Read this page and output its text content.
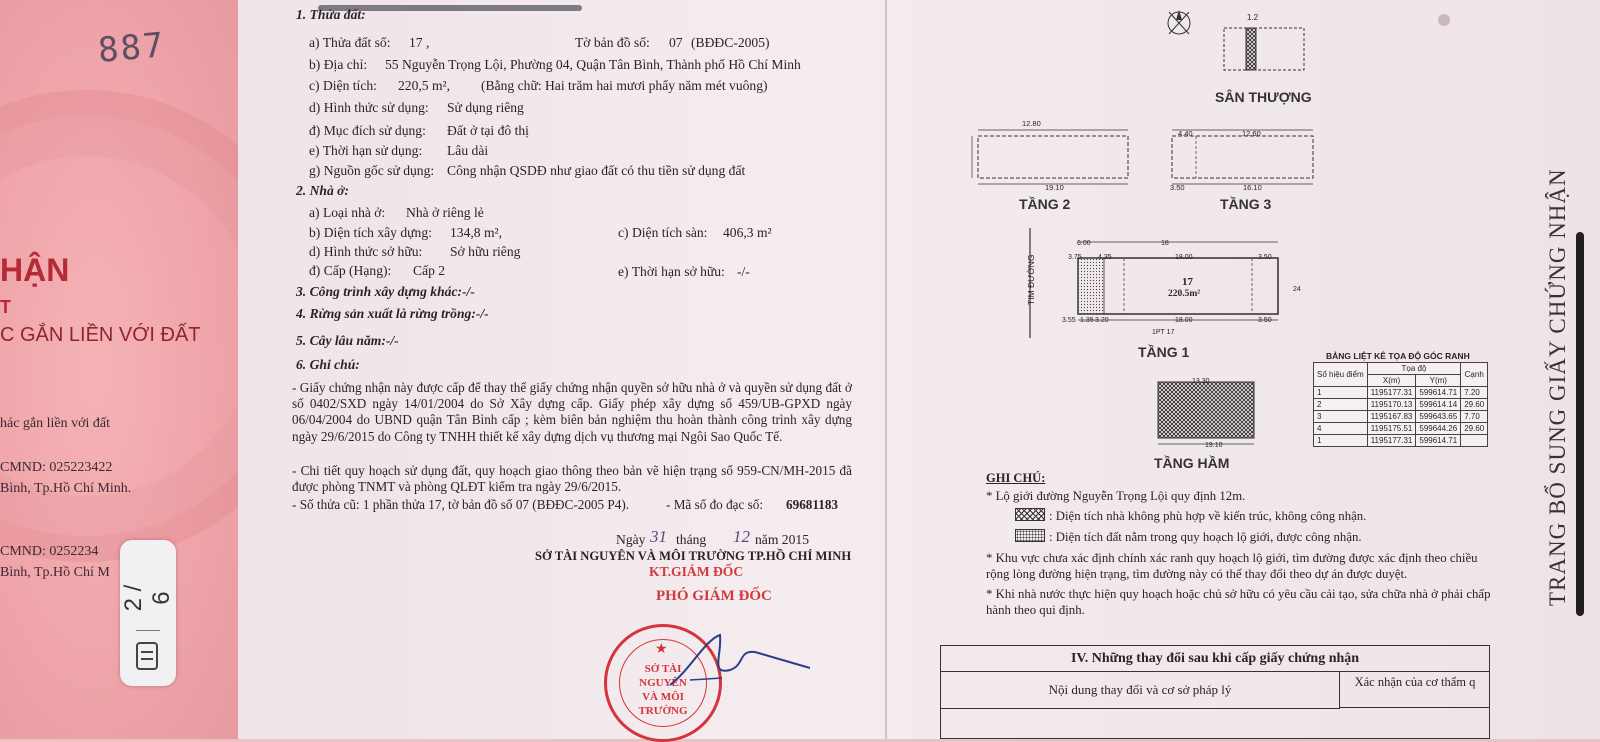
887
HẬN
T
C GẮN LIỀN VỚI ĐẤT
hác gắn liền với đất
CMND: 025223422
Bình, Tp.Hồ Chí Minh.
CMND: 0252234
Bình, Tp.Hồ Chí M
2 / 6
1. Thửa đất:
a) Thửa đất số: 17 ,	Tờ bản đồ số: 07 (BĐĐC-2005)
b) Địa chỉ: 55 Nguyễn Trọng Lội, Phường 04, Quận Tân Bình, Thành phố Hồ Chí Minh
c) Diện tích: 220,5 m², (Bằng chữ: Hai trăm hai mươi phẩy năm mét vuông)
d) Hình thức sử dụng: Sử dụng riêng
đ) Mục đích sử dụng: Đất ở tại đô thị
e) Thời hạn sử dụng: Lâu dài
g) Nguồn gốc sử dụng: Công nhận QSDĐ như giao đất có thu tiền sử dụng đất
2. Nhà ở:
a) Loại nhà ở: Nhà ở riêng lẻ
b) Diện tích xây dựng: 134,8 m²,	c) Diện tích sàn: 406,3 m²
d) Hình thức sở hữu: Sở hữu riêng
đ) Cấp (Hạng): Cấp 2	e) Thời hạn sở hữu: -/-
3. Công trình xây dựng khác:-/-
4. Rừng sản xuất là rừng trồng:-/-
5. Cây lâu năm:-/-
6. Ghi chú:
- Giấy chứng nhận này được cấp để thay thế giấy chứng nhận quyền sở hữu nhà ở và quyền sử dụng đất ở số 0402/SXD ngày 14/01/2004 do Sở Xây dựng cấp. Giấy phép xây dựng số 459/UB-GPXD ngày 06/04/2004 do UBND quận Tân Bình cấp ; kèm biên bản nghiệm thu hoàn thành công trình xây dựng ngày 29/6/2015 do Công ty TNHH thiết kế xây dựng dịch vụ thương mại Ngôi Sao Quốc Tế.
- Chi tiết quy hoạch sử dụng đất, quy hoạch giao thông theo bản vẽ hiện trạng số 959-CN/MH-2015 đã được phòng TNMT và phòng QLĐT kiểm tra ngày 29/6/2015.
- Số thửa cũ: 1 phần thửa 17, tờ bản đồ số 07 (BĐĐC-2005 P4).	- Mã số đo đạc số: 69681183
Ngày 31 tháng 12 năm 2015
SỞ TÀI NGUYÊN VÀ MÔI TRƯỜNG TP.HỒ CHÍ MINH
KT.GIÁM ĐỐC
PHÓ GIÁM ĐỐC
★
SỞ TÀI NGUYÊN VÀ MÔI TRƯỜNG
1.2
SÂN THƯỢNG
12.80
19.10
TẦNG 2
4.40	12.60
3.50	16.10
TẦNG 3
TIM ĐƯỜNG
6.00	18
3.75 4.35	18.00	3.50
17
220.5m²	24
3.55 1.35 3.20	18.00	3.50
1PT 17
TẦNG 1
13.30
19.10
TẦNG HẦM
BẢNG LIỆT KÊ TỌA ĐỘ GÓC RANH
Số hiệu điểm	Tọa độ		Cạnh
	X(m)	Y(m)	
1	1195177.31	599614.71	7.20
2	1195170.13	599614.14	29.60
3	1195167.83	599643.65	7.70
4	1195175.51	599644.26	29.60
1	1195177.31	599614.71	
GHI CHÚ:
* Lộ giới đường Nguyễn Trọng Lội quy định 12m.
: Diện tích nhà không phù hợp về kiến trúc, không công nhận.
: Diện tích đất nằm trong quy hoạch lộ giới, được công nhận.
* Khu vực chưa xác định chính xác ranh quy hoạch lộ giới, tìm đường được xác định theo chiều rộng lòng đường hiện trạng, tìm đường này có thể thay đổi theo dự án được duyệt.
* Khi nhà nước thực hiện quy hoạch hoặc chủ sở hữu có yêu cầu cải tạo, sửa chữa nhà ở phải chấp hành theo qui định.
IV. Những thay đổi sau khi cấp giấy chứng nhận
Nội dung thay đổi và cơ sở pháp lý	Xác nhận của cơ thẩm q
TRANG BỔ SUNG GIẤY CHỨNG NHẬN
